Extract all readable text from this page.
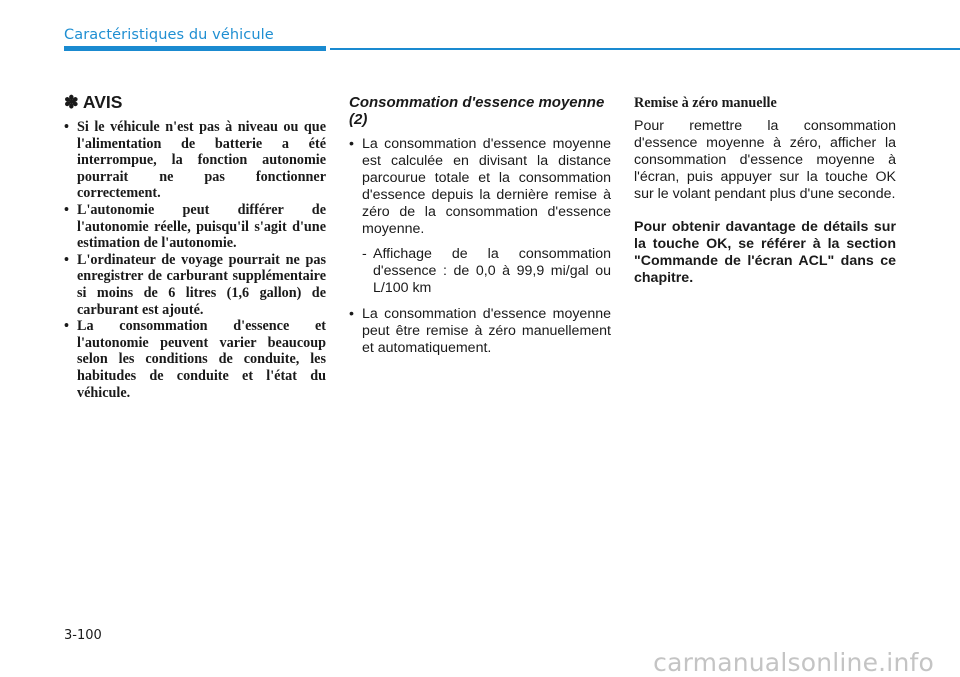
Caractéristiques du véhicule
✽ AVIS
• Si le véhicule n'est pas à niveau ou que l'alimentation de batterie a été interrompue, la fonction autonomie pourrait ne pas fonctionner correctement.
• L'autonomie peut différer de l'autonomie réelle, puisqu'il s'agit d'une estimation de l'autonomie.
• L'ordinateur de voyage pourrait ne pas enregistrer de carburant supplémentaire si moins de 6 litres (1,6 gallon) de carburant est ajouté.
• La consommation d'essence et l'autonomie peuvent varier beaucoup selon les conditions de conduite, les habitudes de conduite et l'état du véhicule.
Consommation d'essence moyenne (2)
• La consommation d'essence moyenne est calculée en divisant la distance parcourue totale et la consommation d'essence depuis la dernière remise à zéro de la consommation d'essence moyenne.
- Affichage de la consommation d'essence : de 0,0 à 99,9 mi/gal ou L/100 km
• La consommation d'essence moyenne peut être remise à zéro manuellement et automatiquement.
Remise à zéro manuelle

Pour remettre la consommation d'essence moyenne à zéro, afficher la consommation d'essence moyenne à l'écran, puis appuyer sur la touche OK sur le volant pendant plus d'une seconde.

Pour obtenir davantage de détails sur la touche OK, se référer à la section "Commande de l'écran ACL" dans ce chapitre.

3-100
carmanualsonline.info
